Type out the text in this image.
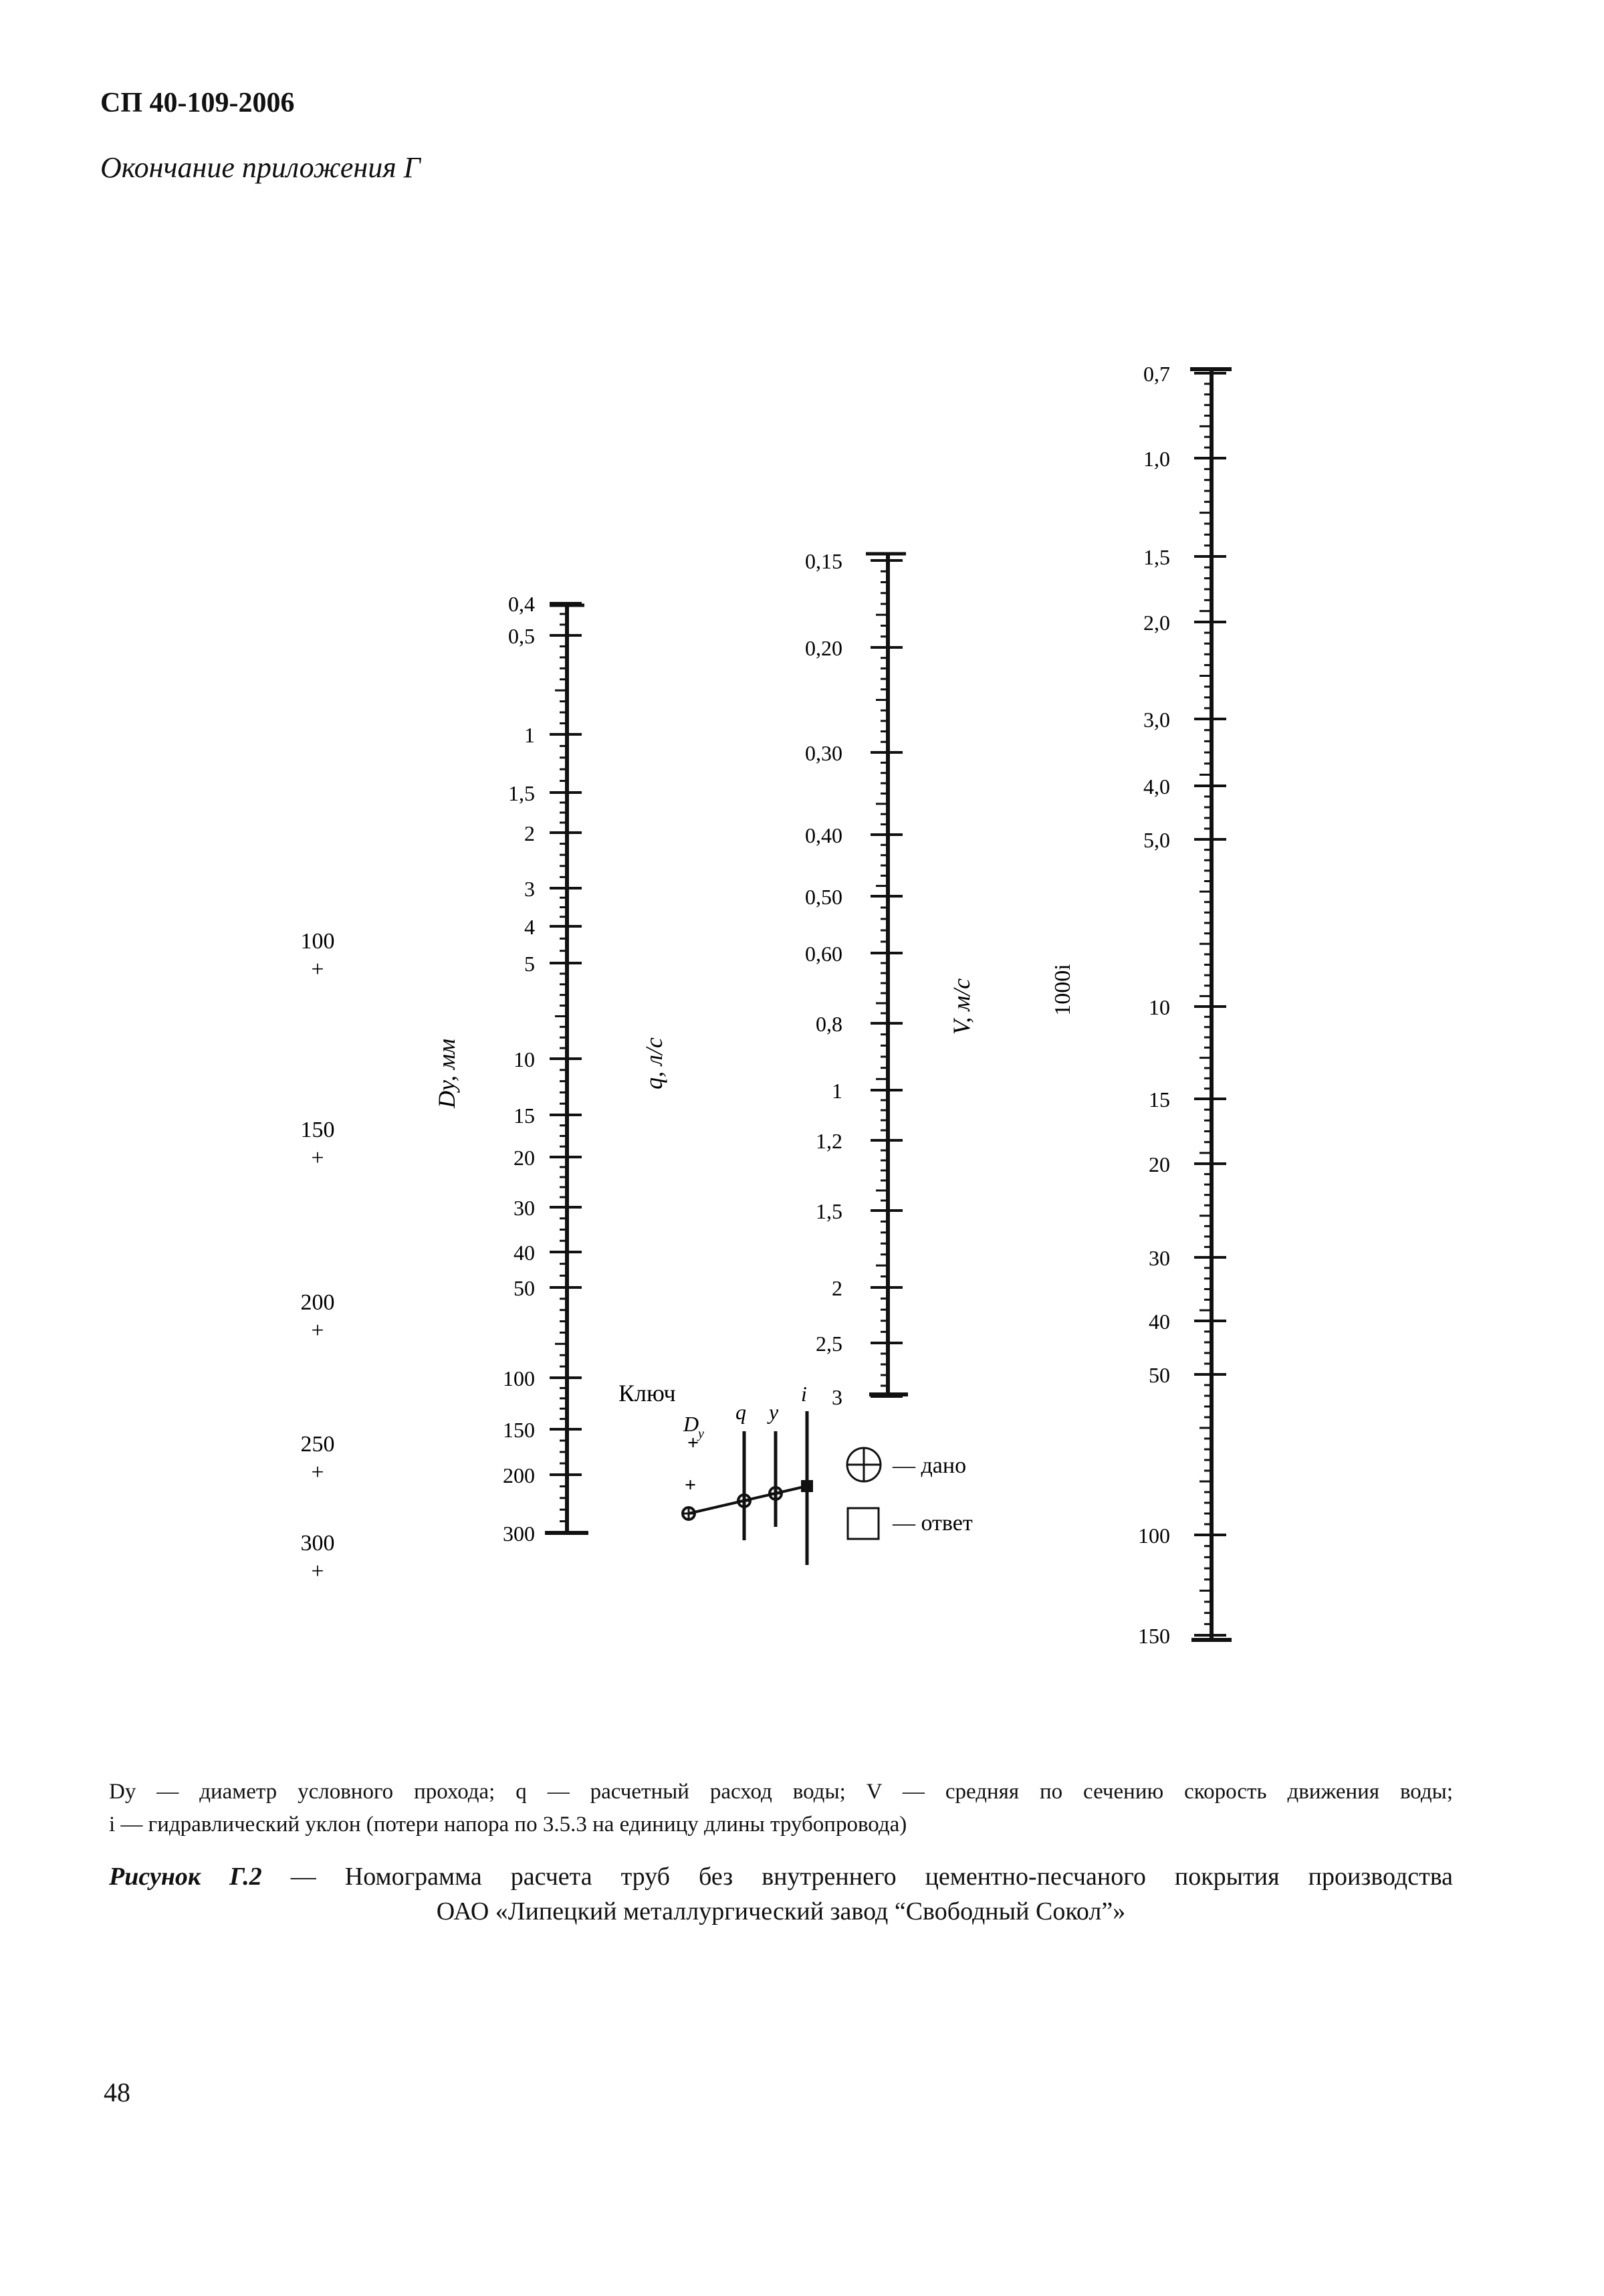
СП 40-109-2006
Окончание приложения Г
100
+
150
+
200
+
250
+
300
+
Dy, мм
0,4
0,5
1
1,5
2
3
4
5
10
15
20
30
40
50
100
150
200
300
q, л/с
0,15
0,20
0,30
0,40
0,50
0,60
0,8
1
1,2
1,5
2
2,5
3
V, м/с	1000i
0,7
1,0
1,5
2,0
3,0
4,0
5,0
10
15
20
30
40
50
100
150
Ключ
D
y
q у
i
+
+
— дано
— ответ
Dу — диаметр условного прохода; q — расчетный расход воды; V — средняя по сечению скорость движения воды;
i — гидравлический уклон (потери напора по 3.5.3 на единицу длины трубопровода)
Рисунок Г.2 — Номограмма расчета труб без внутреннего цементно-песчаного покрытия производства
ОАО «Липецкий металлургический завод “Свободный Сокол”»
48
